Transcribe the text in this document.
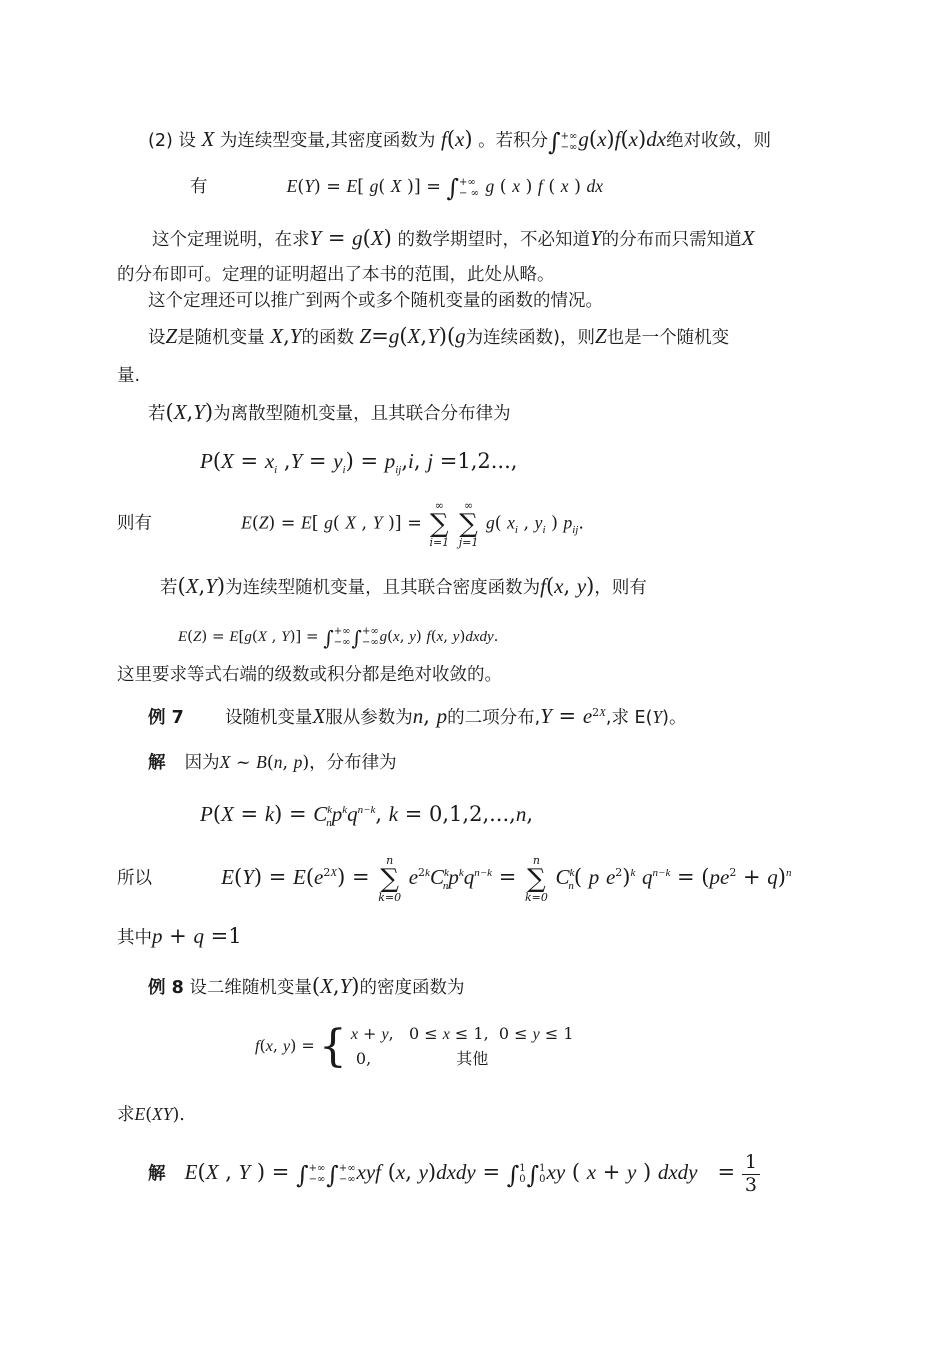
(2) 设 X 为连续型变量,其密度函数为 f(x) 。若积分∫ +∞
−∞ g(x)f(x)dx绝对收敛，则
有	E(Y) = E[ g( X )] = ∫ +∞
− ∞ g ( x ) f ( x ) dx
这个定理说明，在求Y = g(X) 的数学期望时，不必知道Y的分布而只需知道X
的分布即可。定理的证明超出了本书的范围，此处从略。
这个定理还可以推广到两个或多个随机变量的函数的情况。
设Z是随机变量 X,Y的函数 Z=g(X,Y)(g为连续函数)，则Z也是一个随机变
量.
若(X,Y)为离散型随机变量，且其联合分布律为
$P(X = x_i$ $,Y = y_i) = p_{ij},i$, j =1,2...,
则有	E(Z) = E[ g( X , Y )] =
∞
∑
i=1

∞
∑
j=1
g( $x_i$ , $y_i$ ) $p_{ij}$.
若(X,Y)为连续型随机变量，且其联合密度函数为f(x, y)，则有
E(Z) = E[g(X , Y)] = ∫ +∞
−∞ ∫ +∞
−∞ g(x, y) f(x, y)dxdy.
这里要求等式右端的级数或积分都是绝对收敛的。
例 7 设随机变量X服从参数为n, p的二项分布$,Y = e^{2X}$,求 E(Y)。
解 因为X ~ B(n, p)，分布律为
$P(X = k) = C^k_np^kq^{n-k}$, k = 0,1,2,...,n,
所以	$E(Y) = E(e^{2X})$ =
n
∑
k=0
$e^{2k}C^k_np^kq^{n-k}$ =
n
∑
k=0
$C^k_n$( p $e^2)^k$ $q^{n-k} = (pe^2 + q)^n$
其中p + q =1
例 8 设二维随机变量(X,Y)的密度函数为
f(x, y) = { x + y,   0 ≤ x ≤ 1,  0 ≤ y ≤ 1
0,	其他
求E(XY).
解 E(X , Y ) = ∫ +∞
−∞ ∫ +∞
−∞ xyf (x, y)dxdy = ∫ 1
0 ∫ 1
0 xy ( x + y ) dxdy   = $\frac{1}{3}$
